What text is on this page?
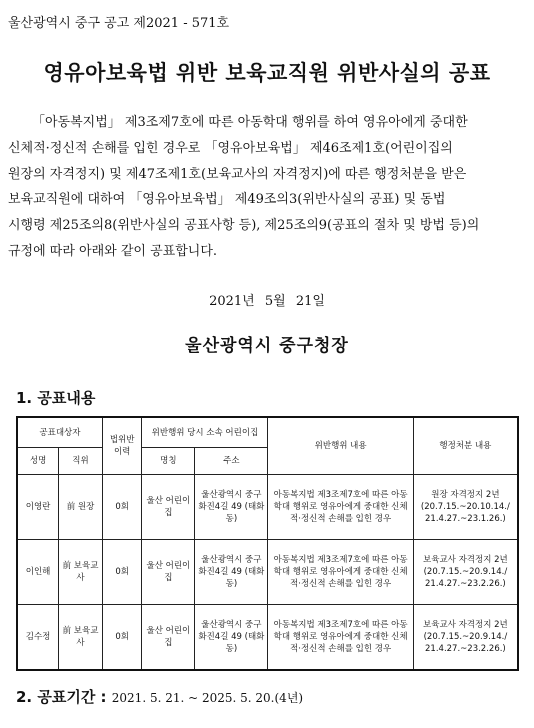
울산광역시 중구 공고 제2021 - 571호
영유아보육법 위반 보육교직원 위반사실의 공표

「아동복지법」 제3조제7호에 따른 아동학대 행위를 하여 영유아에게 중대한
신체적·정신적 손해를 입힌 경우로 「영유아보육법」 제46조제1호(어린이집의
원장의 자격정지) 및 제47조제1호(보육교사의 자격정지)에 따른 행정처분을 받은
보육교직원에 대하여 「영유아보육법」 제49조의3(위반사실의 공표) 및 동법
시행령 제25조의8(위반사실의 공표사항 등), 제25조의9(공표의 절차 및 방법 등)의
규정에 따라 아래와 같이 공표합니다.

2021년 5월 21일
울산광역시 중구청장
1. 공표내용
공표대상자		법위반 이력	위반행위 당시 소속 어린이집		위반행위 내용	행정처분 내용
성명	직위		명칭	주소		
이영란	前 원장	0회	울산 어린이집	울산광역시 중구 화진4길 49 (태화동)	아동복지법 제3조제7호에 따른 아동학대 행위로 영유아에게 중대한 신체적·정신적 손해를 입힌 경우	원장 자격정지 2년
(20.7.15.~20.10.14./ 21.4.27.~23.1.26.)

이인해	前 보육교사	0회	울산 어린이집	울산광역시 중구 화진4길 49 (태화동)	아동복지법 제3조제7호에 따른 아동학대 행위로 영유아에게 중대한 신체적·정신적 손해를 입힌 경우	보육교사 자격정지 2년
(20.7.15.~20.9.14./ 21.4.27.~23.2.26.)

김수정	前 보육교사	0회	울산 어린이집	울산광역시 중구 화진4길 49 (태화동)	아동복지법 제3조제7호에 따른 아동학대 행위로 영유아에게 중대한 신체적·정신적 손해를 입힌 경우	보육교사 자격정지 2년
(20.7.15.~20.9.14./ 21.4.27.~23.2.26.)
2. 공표기간 : 2021. 5. 21. ~ 2025. 5. 20.(4년)
